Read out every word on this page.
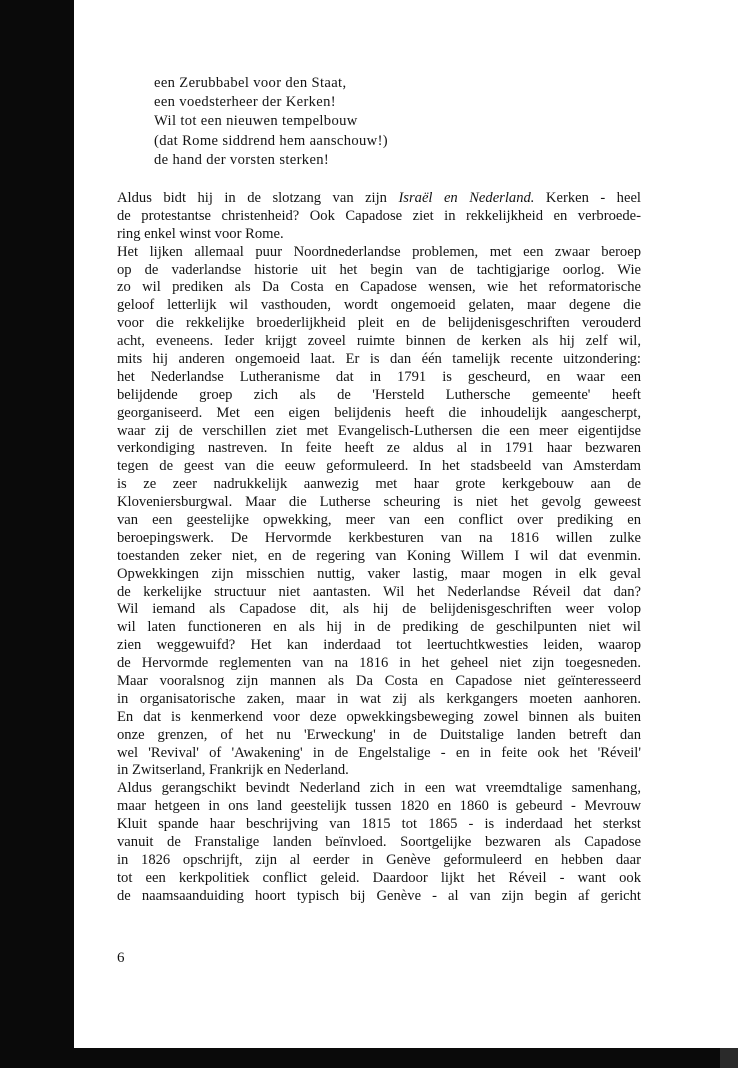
een Zerubbabel voor den Staat,
een voedsterheer der Kerken!
Wil tot een nieuwen tempelbouw
(dat Rome siddrend hem aanschouw!)
de hand der vorsten sterken!
Aldus bidt hij in de slotzang van zijn Israël en Nederland. Kerken - heel
de protestantse christenheid? Ook Capadose ziet in rekkelijkheid en verbroede-
ring enkel winst voor Rome.
Het lijken allemaal puur Noordnederlandse problemen, met een zwaar beroep
op de vaderlandse historie uit het begin van de tachtigjarige oorlog. Wie
zo wil prediken als Da Costa en Capadose wensen, wie het reformatorische
geloof letterlijk wil vasthouden, wordt ongemoeid gelaten, maar degene die
voor die rekkelijke broederlijkheid pleit en de belijdenisgeschriften verouderd
acht, eveneens. Ieder krijgt zoveel ruimte binnen de kerken als hij zelf wil,
mits hij anderen ongemoeid laat. Er is dan één tamelijk recente uitzondering:
het Nederlandse Lutheranisme dat in 1791 is gescheurd, en waar een
belijdende groep zich als de 'Hersteld Luthersche gemeente' heeft
georganiseerd. Met een eigen belijdenis heeft die inhoudelijk aangescherpt,
waar zij de verschillen ziet met Evangelisch-Luthersen die een meer eigentijdse
verkondiging nastreven. In feite heeft ze aldus al in 1791 haar bezwaren
tegen de geest van die eeuw geformuleerd. In het stadsbeeld van Amsterdam
is ze zeer nadrukkelijk aanwezig met haar grote kerkgebouw aan de
Kloveniersburgwal. Maar die Lutherse scheuring is niet het gevolg geweest
van een geestelijke opwekking, meer van een conflict over prediking en
beroepingswerk. De Hervormde kerkbesturen van na 1816 willen zulke
toestanden zeker niet, en de regering van Koning Willem I wil dat evenmin.
Opwekkingen zijn misschien nuttig, vaker lastig, maar mogen in elk geval
de kerkelijke structuur niet aantasten. Wil het Nederlandse Réveil dat dan?
Wil iemand als Capadose dit, als hij de belijdenisgeschriften weer volop
wil laten functioneren en als hij in de prediking de geschilpunten niet wil
zien weggewuifd? Het kan inderdaad tot leertuchtkwesties leiden, waarop
de Hervormde reglementen van na 1816 in het geheel niet zijn toegesneden.
Maar vooralsnog zijn mannen als Da Costa en Capadose niet geïnteresseerd
in organisatorische zaken, maar in wat zij als kerkgangers moeten aanhoren.
En dat is kenmerkend voor deze opwekkingsbeweging zowel binnen als buiten
onze grenzen, of het nu 'Erweckung' in de Duitstalige landen betreft dan
wel 'Revival' of 'Awakening' in de Engelstalige - en in feite ook het 'Réveil'
in Zwitserland, Frankrijk en Nederland.
Aldus gerangschikt bevindt Nederland zich in een wat vreemdtalige samenhang,
maar hetgeen in ons land geestelijk tussen 1820 en 1860 is gebeurd - Mevrouw
Kluit spande haar beschrijving van 1815 tot 1865 - is inderdaad het sterkst
vanuit de Franstalige landen beïnvloed. Soortgelijke bezwaren als Capadose
in 1826 opschrijft, zijn al eerder in Genève geformuleerd en hebben daar
tot een kerkpolitiek conflict geleid. Daardoor lijkt het Réveil - want ook
de naamsaanduiding hoort typisch bij Genève - al van zijn begin af gericht
6
